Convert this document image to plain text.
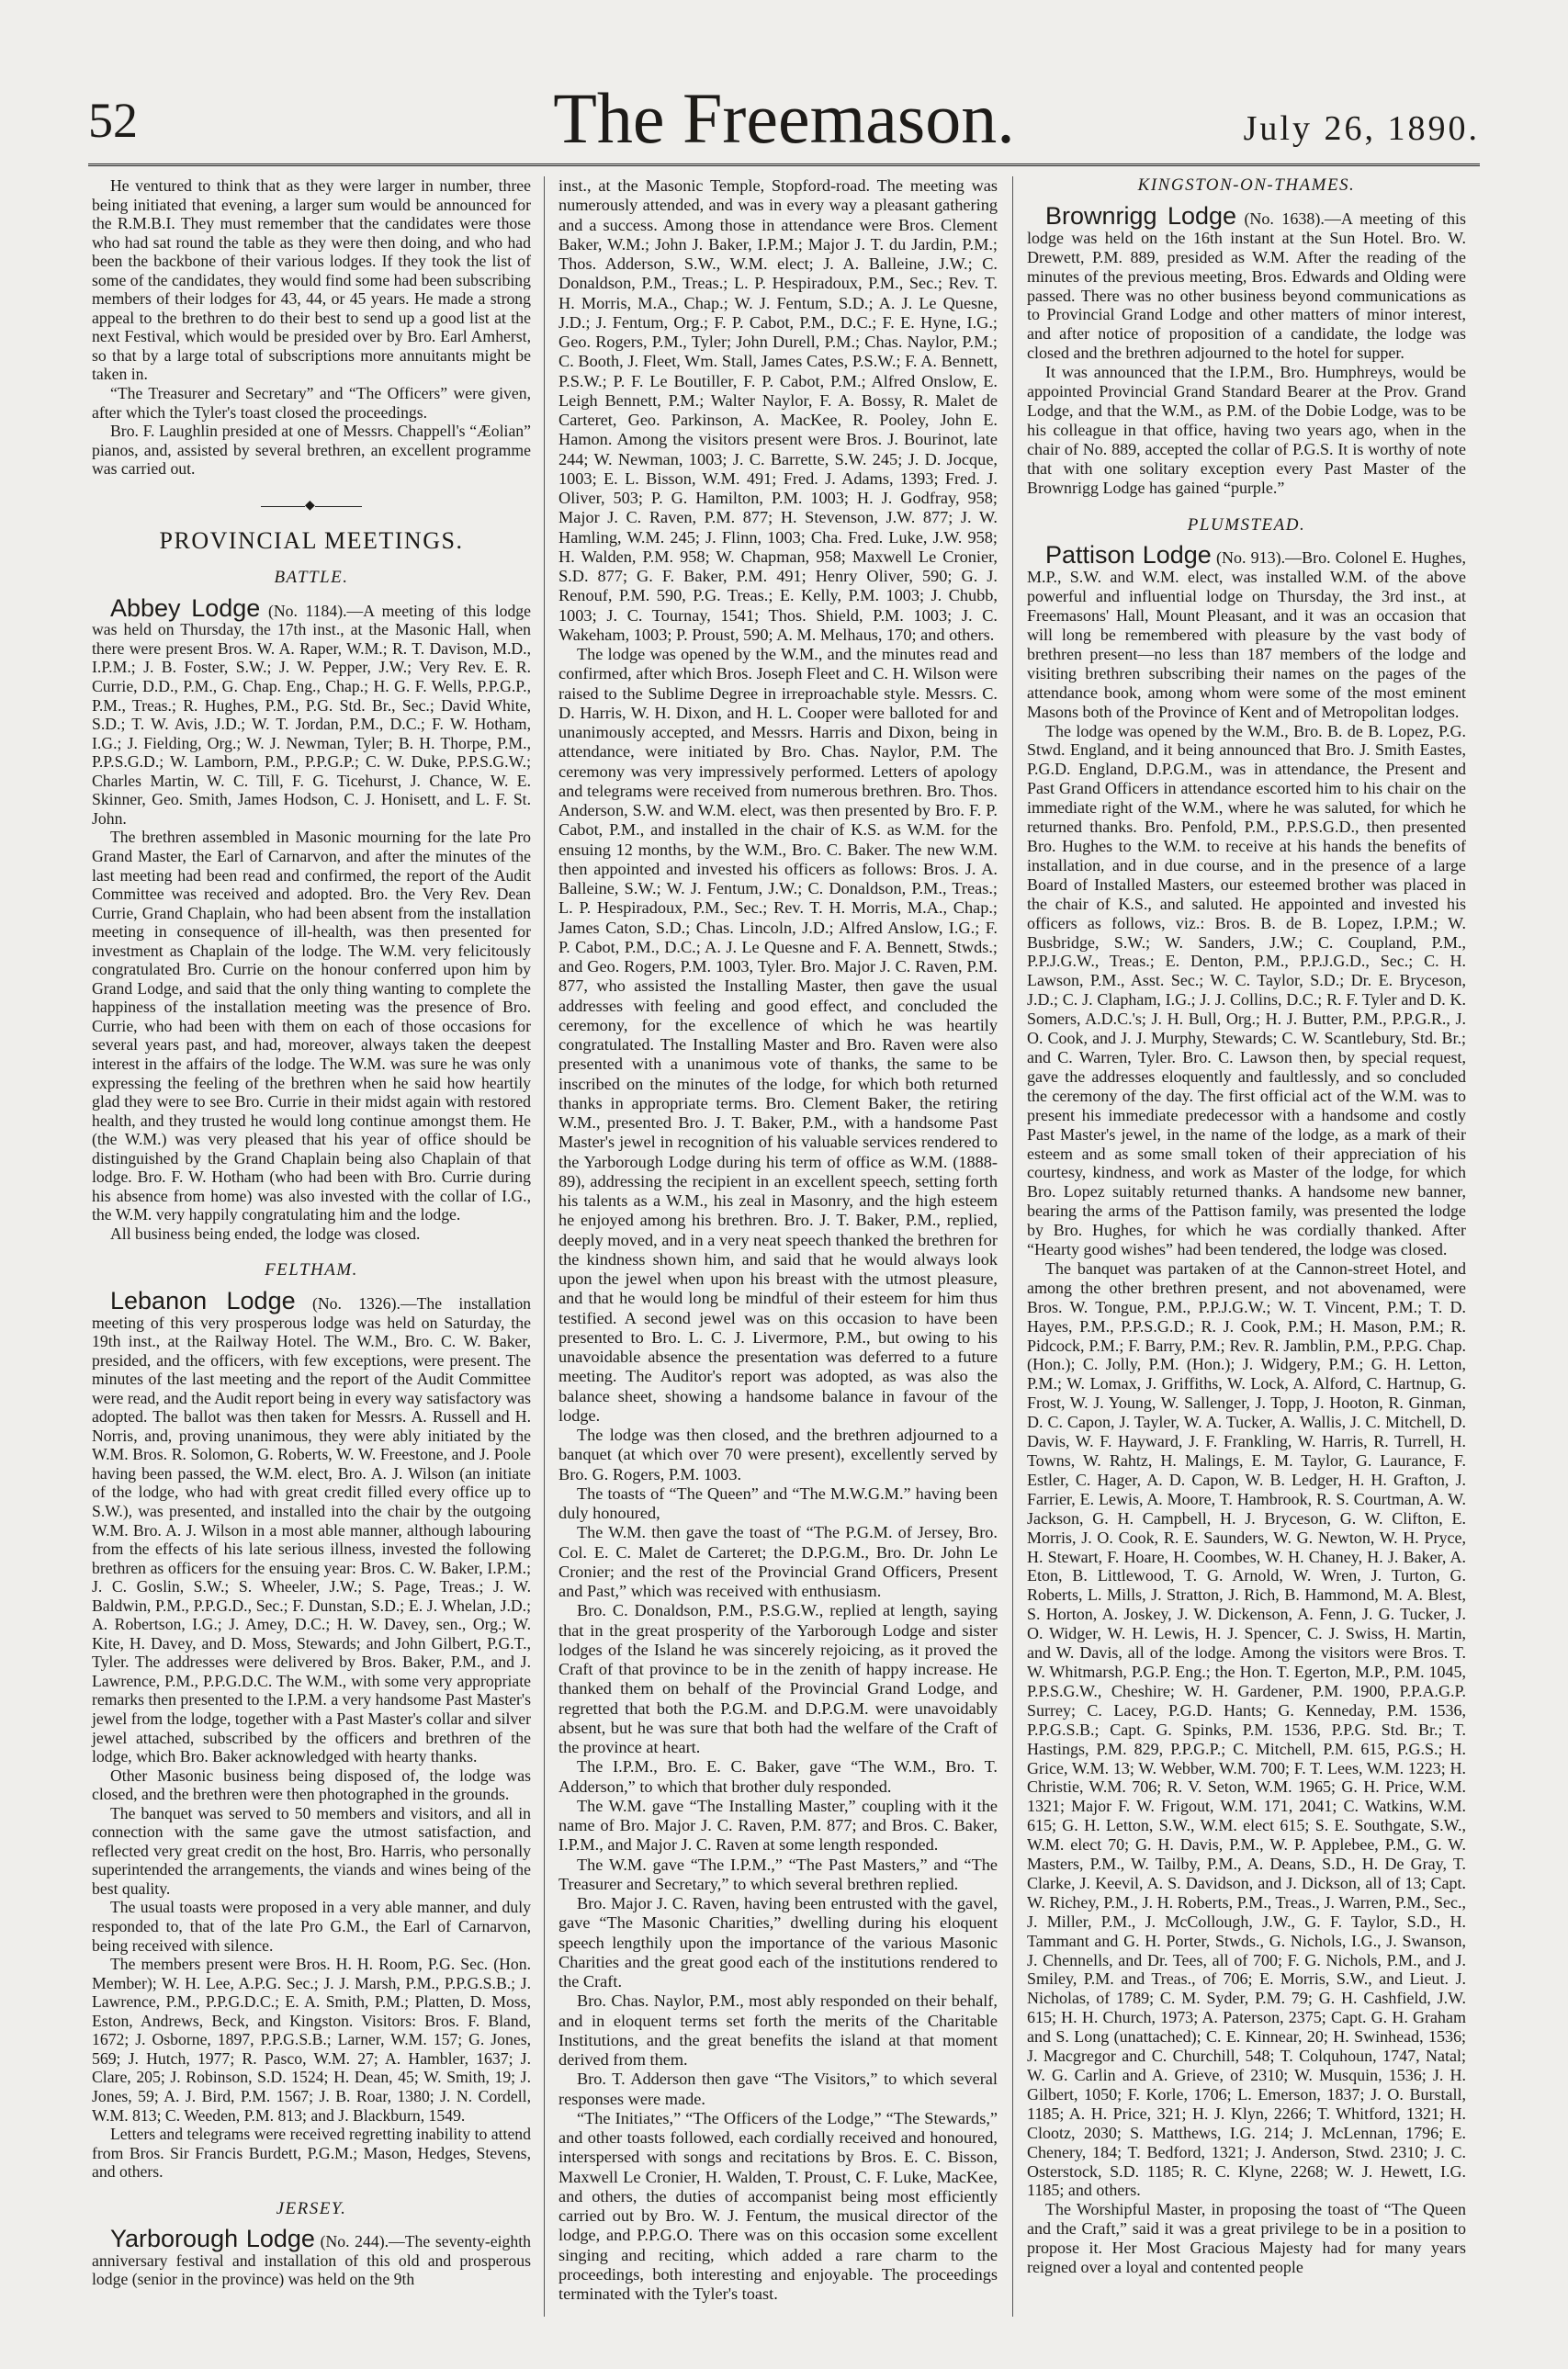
52	The Freemason.	July 26, 1890.

He ventured to think that as they were larger in number, three being initiated that evening, a larger sum would be announced for the R.M.B.I. They must remember that the candidates were those who had sat round the table as they were then doing, and who had been the backbone of their various lodges. If they took the list of some of the candidates, they would find some had been subscribing members of their lodges for 43, 44, or 45 years. He made a strong appeal to the brethren to do their best to send up a good list at the next Festival, which would be presided over by Bro. Earl Amherst, so that by a large total of subscriptions more annuitants might be taken in.

“The Treasurer and Secretary” and “The Officers” were given, after which the Tyler's toast closed the proceedings.

Bro. F. Laughlin presided at one of Messrs. Chappell's “Æolian” pianos, and, assisted by several brethren, an excellent programme was carried out.

◆
PROVINCIAL MEETINGS.
BATTLE.

Abbey Lodge (No. 1184).—A meeting of this lodge was held on Thursday, the 17th inst., at the Masonic Hall, when there were present Bros. W. A. Raper, W.M.; R. T. Davison, M.D., I.P.M.; J. B. Foster, S.W.; J. W. Pepper, J.W.; Very Rev. E. R. Currie, D.D., P.M., G. Chap. Eng., Chap.; H. G. F. Wells, P.P.G.P., P.M., Treas.; R. Hughes, P.M., P.G. Std. Br., Sec.; David White, S.D.; T. W. Avis, J.D.; W. T. Jordan, P.M., D.C.; F. W. Hotham, I.G.; J. Fielding, Org.; W. J. Newman, Tyler; B. H. Thorpe, P.M., P.P.S.G.D.; W. Lamborn, P.M., P.P.G.P.; C. W. Duke, P.P.S.G.W.; Charles Martin, W. C. Till, F. G. Ticehurst, J. Chance, W. E. Skinner, Geo. Smith, James Hodson, C. J. Honisett, and L. F. St. John.

The brethren assembled in Masonic mourning for the late Pro Grand Master, the Earl of Carnarvon, and after the minutes of the last meeting had been read and confirmed, the report of the Audit Committee was received and adopted. Bro. the Very Rev. Dean Currie, Grand Chaplain, who had been absent from the installation meeting in consequence of ill-health, was then presented for investment as Chaplain of the lodge. The W.M. very felicitously congratulated Bro. Currie on the honour conferred upon him by Grand Lodge, and said that the only thing wanting to complete the happiness of the installation meeting was the presence of Bro. Currie, who had been with them on each of those occasions for several years past, and had, moreover, always taken the deepest interest in the affairs of the lodge. The W.M. was sure he was only expressing the feeling of the brethren when he said how heartily glad they were to see Bro. Currie in their midst again with restored health, and they trusted he would long continue amongst them. He (the W.M.) was very pleased that his year of office should be distinguished by the Grand Chaplain being also Chaplain of that lodge. Bro. F. W. Hotham (who had been with Bro. Currie during his absence from home) was also invested with the collar of I.G., the W.M. very happily congratulating him and the lodge.

All business being ended, the lodge was closed.

FELTHAM.

Lebanon Lodge (No. 1326).—The installation meeting of this very prosperous lodge was held on Saturday, the 19th inst., at the Railway Hotel. The W.M., Bro. C. W. Baker, presided, and the officers, with few exceptions, were present. The minutes of the last meeting and the report of the Audit Committee were read, and the Audit report being in every way satisfactory was adopted. The ballot was then taken for Messrs. A. Russell and H. Norris, and, proving unanimous, they were ably initiated by the W.M. Bros. R. Solomon, G. Roberts, W. W. Freestone, and J. Poole having been passed, the W.M. elect, Bro. A. J. Wilson (an initiate of the lodge, who had with great credit filled every office up to S.W.), was presented, and installed into the chair by the outgoing W.M. Bro. A. J. Wilson in a most able manner, although labouring from the effects of his late serious illness, invested the following brethren as officers for the ensuing year: Bros. C. W. Baker, I.P.M.; J. C. Goslin, S.W.; S. Wheeler, J.W.; S. Page, Treas.; J. W. Baldwin, P.M., P.P.G.D., Sec.; F. Dunstan, S.D.; E. J. Whelan, J.D.; A. Robertson, I.G.; J. Amey, D.C.; H. W. Davey, sen., Org.; W. Kite, H. Davey, and D. Moss, Stewards; and John Gilbert, P.G.T., Tyler. The addresses were delivered by Bros. Baker, P.M., and J. Lawrence, P.M., P.P.G.D.C. The W.M., with some very appropriate remarks then presented to the I.P.M. a very handsome Past Master's jewel from the lodge, together with a Past Master's collar and silver jewel attached, subscribed by the officers and brethren of the lodge, which Bro. Baker acknowledged with hearty thanks.

Other Masonic business being disposed of, the lodge was closed, and the brethren were then photographed in the grounds.

The banquet was served to 50 members and visitors, and all in connection with the same gave the utmost satisfaction, and reflected very great credit on the host, Bro. Harris, who personally superintended the arrangements, the viands and wines being of the best quality.

The usual toasts were proposed in a very able manner, and duly responded to, that of the late Pro G.M., the Earl of Carnarvon, being received with silence.

The members present were Bros. H. H. Room, P.G. Sec. (Hon. Member); W. H. Lee, A.P.G. Sec.; J. J. Marsh, P.M., P.P.G.S.B.; J. Lawrence, P.M., P.P.G.D.C.; E. A. Smith, P.M.; Platten, D. Moss, Eston, Andrews, Beck, and Kingston. Visitors: Bros. F. Bland, 1672; J. Osborne, 1897, P.P.G.S.B.; Larner, W.M. 157; G. Jones, 569; J. Hutch, 1977; R. Pasco, W.M. 27; A. Hambler, 1637; J. Clare, 205; J. Robinson, S.D. 1524; H. Dean, 45; W. Smith, 19; J. Jones, 59; A. J. Bird, P.M. 1567; J. B. Roar, 1380; J. N. Cordell, W.M. 813; C. Weeden, P.M. 813; and J. Blackburn, 1549.

Letters and telegrams were received regretting inability to attend from Bros. Sir Francis Burdett, P.G.M.; Mason, Hedges, Stevens, and others.

JERSEY.

Yarborough Lodge (No. 244).—The seventy-eighth anniversary festival and installation of this old and prosperous lodge (senior in the province) was held on the 9th

inst., at the Masonic Temple, Stopford-road. The meeting was numerously attended, and was in every way a pleasant gathering and a success. Among those in attendance were Bros. Clement Baker, W.M.; John J. Baker, I.P.M.; Major J. T. du Jardin, P.M.; Thos. Adderson, S.W., W.M. elect; J. A. Balleine, J.W.; C. Donaldson, P.M., Treas.; L. P. Hespiradoux, P.M., Sec.; Rev. T. H. Morris, M.A., Chap.; W. J. Fentum, S.D.; A. J. Le Quesne, J.D.; J. Fentum, Org.; F. P. Cabot, P.M., D.C.; F. E. Hyne, I.G.; Geo. Rogers, P.M., Tyler; John Durell, P.M.; Chas. Naylor, P.M.; C. Booth, J. Fleet, Wm. Stall, James Cates, P.S.W.; F. A. Bennett, P.S.W.; P. F. Le Boutiller, F. P. Cabot, P.M.; Alfred Onslow, E. Leigh Bennett, P.M.; Walter Naylor, F. A. Bossy, R. Malet de Carteret, Geo. Parkinson, A. MacKee, R. Pooley, John E. Hamon. Among the visitors present were Bros. J. Bourinot, late 244; W. Newman, 1003; J. C. Barrette, S.W. 245; J. D. Jocque, 1003; E. L. Bisson, W.M. 491; Fred. J. Adams, 1393; Fred. J. Oliver, 503; P. G. Hamilton, P.M. 1003; H. J. Godfray, 958; Major J. C. Raven, P.M. 877; H. Stevenson, J.W. 877; J. W. Hamling, W.M. 245; J. Flinn, 1003; Cha. Fred. Luke, J.W. 958; H. Walden, P.M. 958; W. Chapman, 958; Maxwell Le Cronier, S.D. 877; G. F. Baker, P.M. 491; Henry Oliver, 590; G. J. Renouf, P.M. 590, P.G. Treas.; E. Kelly, P.M. 1003; J. Chubb, 1003; J. C. Tournay, 1541; Thos. Shield, P.M. 1003; J. C. Wakeham, 1003; P. Proust, 590; A. M. Melhaus, 170; and others.

The lodge was opened by the W.M., and the minutes read and confirmed, after which Bros. Joseph Fleet and C. H. Wilson were raised to the Sublime Degree in irreproachable style. Messrs. C. D. Harris, W. H. Dixon, and H. L. Cooper were balloted for and unanimously accepted, and Messrs. Harris and Dixon, being in attendance, were initiated by Bro. Chas. Naylor, P.M. The ceremony was very impressively performed. Letters of apology and telegrams were received from numerous brethren. Bro. Thos. Anderson, S.W. and W.M. elect, was then presented by Bro. F. P. Cabot, P.M., and installed in the chair of K.S. as W.M. for the ensuing 12 months, by the W.M., Bro. C. Baker. The new W.M. then appointed and invested his officers as follows: Bros. J. A. Balleine, S.W.; W. J. Fentum, J.W.; C. Donaldson, P.M., Treas.; L. P. Hespiradoux, P.M., Sec.; Rev. T. H. Morris, M.A., Chap.; James Caton, S.D.; Chas. Lincoln, J.D.; Alfred Anslow, I.G.; F. P. Cabot, P.M., D.C.; A. J. Le Quesne and F. A. Bennett, Stwds.; and Geo. Rogers, P.M. 1003, Tyler. Bro. Major J. C. Raven, P.M. 877, who assisted the Installing Master, then gave the usual addresses with feeling and good effect, and concluded the ceremony, for the excellence of which he was heartily congratulated. The Installing Master and Bro. Raven were also presented with a unanimous vote of thanks, the same to be inscribed on the minutes of the lodge, for which both returned thanks in appropriate terms. Bro. Clement Baker, the retiring W.M., presented Bro. J. T. Baker, P.M., with a handsome Past Master's jewel in recognition of his valuable services rendered to the Yarborough Lodge during his term of office as W.M. (1888-89), addressing the recipient in an excellent speech, setting forth his talents as a W.M., his zeal in Masonry, and the high esteem he enjoyed among his brethren. Bro. J. T. Baker, P.M., replied, deeply moved, and in a very neat speech thanked the brethren for the kindness shown him, and said that he would always look upon the jewel when upon his breast with the utmost pleasure, and that he would long be mindful of their esteem for him thus testified. A second jewel was on this occasion to have been presented to Bro. L. C. J. Livermore, P.M., but owing to his unavoidable absence the presentation was deferred to a future meeting. The Auditor's report was adopted, as was also the balance sheet, showing a handsome balance in favour of the lodge.

The lodge was then closed, and the brethren adjourned to a banquet (at which over 70 were present), excellently served by Bro. G. Rogers, P.M. 1003.

The toasts of “The Queen” and “The M.W.G.M.” having been duly honoured,

The W.M. then gave the toast of “The P.G.M. of Jersey, Bro. Col. E. C. Malet de Carteret; the D.P.G.M., Bro. Dr. John Le Cronier; and the rest of the Provincial Grand Officers, Present and Past,” which was received with enthusiasm.

Bro. C. Donaldson, P.M., P.S.G.W., replied at length, saying that in the great prosperity of the Yarborough Lodge and sister lodges of the Island he was sincerely rejoicing, as it proved the Craft of that province to be in the zenith of happy increase. He thanked them on behalf of the Provincial Grand Lodge, and regretted that both the P.G.M. and D.P.G.M. were unavoidably absent, but he was sure that both had the welfare of the Craft of the province at heart.

The I.P.M., Bro. E. C. Baker, gave “The W.M., Bro. T. Adderson,” to which that brother duly responded.

The W.M. gave “The Installing Master,” coupling with it the name of Bro. Major J. C. Raven, P.M. 877; and Bros. C. Baker, I.P.M., and Major J. C. Raven at some length responded.

The W.M. gave “The I.P.M.,” “The Past Masters,” and “The Treasurer and Secretary,” to which several brethren replied.

Bro. Major J. C. Raven, having been entrusted with the gavel, gave “The Masonic Charities,” dwelling during his eloquent speech lengthily upon the importance of the various Masonic Charities and the great good each of the institutions rendered to the Craft.

Bro. Chas. Naylor, P.M., most ably responded on their behalf, and in eloquent terms set forth the merits of the Charitable Institutions, and the great benefits the island at that moment derived from them.

Bro. T. Adderson then gave “The Visitors,” to which several responses were made.

“The Initiates,” “The Officers of the Lodge,” “The Stewards,” and other toasts followed, each cordially received and honoured, interspersed with songs and recitations by Bros. E. C. Bisson, Maxwell Le Cronier, H. Walden, T. Proust, C. F. Luke, MacKee, and others, the duties of accompanist being most efficiently carried out by Bro. W. J. Fentum, the musical director of the lodge, and P.P.G.O. There was on this occasion some excellent singing and reciting, which added a rare charm to the proceedings, both interesting and enjoyable. The proceedings terminated with the Tyler's toast.

KINGSTON-ON-THAMES.

Brownrigg Lodge (No. 1638).—A meeting of this lodge was held on the 16th instant at the Sun Hotel. Bro. W. Drewett, P.M. 889, presided as W.M. After the reading of the minutes of the previous meeting, Bros. Edwards and Olding were passed. There was no other business beyond communications as to Provincial Grand Lodge and other matters of minor interest, and after notice of proposition of a candidate, the lodge was closed and the brethren adjourned to the hotel for supper.

It was announced that the I.P.M., Bro. Humphreys, would be appointed Provincial Grand Standard Bearer at the Prov. Grand Lodge, and that the W.M., as P.M. of the Dobie Lodge, was to be his colleague in that office, having two years ago, when in the chair of No. 889, accepted the collar of P.G.S. It is worthy of note that with one solitary exception every Past Master of the Brownrigg Lodge has gained “purple.”

PLUMSTEAD.

Pattison Lodge (No. 913).—Bro. Colonel E. Hughes, M.P., S.W. and W.M. elect, was installed W.M. of the above powerful and influential lodge on Thursday, the 3rd inst., at Freemasons' Hall, Mount Pleasant, and it was an occasion that will long be remembered with pleasure by the vast body of brethren present—no less than 187 members of the lodge and visiting brethren subscribing their names on the pages of the attendance book, among whom were some of the most eminent Masons both of the Province of Kent and of Metropolitan lodges.

The lodge was opened by the W.M., Bro. B. de B. Lopez, P.G. Stwd. England, and it being announced that Bro. J. Smith Eastes, P.G.D. England, D.P.G.M., was in attendance, the Present and Past Grand Officers in attendance escorted him to his chair on the immediate right of the W.M., where he was saluted, for which he returned thanks. Bro. Penfold, P.M., P.P.S.G.D., then presented Bro. Hughes to the W.M. to receive at his hands the benefits of installation, and in due course, and in the presence of a large Board of Installed Masters, our esteemed brother was placed in the chair of K.S., and saluted. He appointed and invested his officers as follows, viz.: Bros. B. de B. Lopez, I.P.M.; W. Busbridge, S.W.; W. Sanders, J.W.; C. Coupland, P.M., P.P.J.G.W., Treas.; E. Denton, P.M., P.P.J.G.D., Sec.; C. H. Lawson, P.M., Asst. Sec.; W. C. Taylor, S.D.; Dr. E. Bryceson, J.D.; C. J. Clapham, I.G.; J. J. Collins, D.C.; R. F. Tyler and D. K. Somers, A.D.C.'s; J. H. Bull, Org.; H. J. Butter, P.M., P.P.G.R., J. O. Cook, and J. J. Murphy, Stewards; C. W. Scantlebury, Std. Br.; and C. Warren, Tyler. Bro. C. Lawson then, by special request, gave the addresses eloquently and faultlessly, and so concluded the ceremony of the day. The first official act of the W.M. was to present his immediate predecessor with a handsome and costly Past Master's jewel, in the name of the lodge, as a mark of their esteem and as some small token of their appreciation of his courtesy, kindness, and work as Master of the lodge, for which Bro. Lopez suitably returned thanks. A handsome new banner, bearing the arms of the Pattison family, was presented the lodge by Bro. Hughes, for which he was cordially thanked. After “Hearty good wishes” had been tendered, the lodge was closed.

The banquet was partaken of at the Cannon-street Hotel, and among the other brethren present, and not abovenamed, were Bros. W. Tongue, P.M., P.P.J.G.W.; W. T. Vincent, P.M.; T. D. Hayes, P.M., P.P.S.G.D.; R. J. Cook, P.M.; H. Mason, P.M.; R. Pidcock, P.M.; F. Barry, P.M.; Rev. R. Jamblin, P.M., P.P.G. Chap. (Hon.); C. Jolly, P.M. (Hon.); J. Widgery, P.M.; G. H. Letton, P.M.; W. Lomax, J. Griffiths, W. Lock, A. Alford, C. Hartnup, G. Frost, W. J. Young, W. Sallenger, J. Topp, J. Hooton, R. Ginman, D. C. Capon, J. Tayler, W. A. Tucker, A. Wallis, J. C. Mitchell, D. Davis, W. F. Hayward, J. F. Frankling, W. Harris, R. Turrell, H. Towns, W. Rahtz, H. Malings, E. M. Taylor, G. Laurance, F. Estler, C. Hager, A. D. Capon, W. B. Ledger, H. H. Grafton, J. Farrier, E. Lewis, A. Moore, T. Hambrook, R. S. Courtman, A. W. Jackson, G. H. Campbell, H. J. Bryceson, G. W. Clifton, E. Morris, J. O. Cook, R. E. Saunders, W. G. Newton, W. H. Pryce, H. Stewart, F. Hoare, H. Coombes, W. H. Chaney, H. J. Baker, A. Eton, B. Littlewood, T. G. Arnold, W. Wren, J. Turton, G. Roberts, L. Mills, J. Stratton, J. Rich, B. Hammond, M. A. Blest, S. Horton, A. Joskey, J. W. Dickenson, A. Fenn, J. G. Tucker, J. O. Widger, W. H. Lewis, H. J. Spencer, C. J. Swiss, H. Martin, and W. Davis, all of the lodge. Among the visitors were Bros. T. W. Whitmarsh, P.G.P. Eng.; the Hon. T. Egerton, M.P., P.M. 1045, P.P.S.G.W., Cheshire; W. H. Gardener, P.M. 1900, P.P.A.G.P. Surrey; C. Lacey, P.G.D. Hants; G. Kenneday, P.M. 1536, P.P.G.S.B.; Capt. G. Spinks, P.M. 1536, P.P.G. Std. Br.; T. Hastings, P.M. 829, P.P.G.P.; C. Mitchell, P.M. 615, P.G.S.; H. Grice, W.M. 13; W. Webber, W.M. 700; F. T. Lees, W.M. 1223; H. Christie, W.M. 706; R. V. Seton, W.M. 1965; G. H. Price, W.M. 1321; Major F. W. Frigout, W.M. 171, 2041; C. Watkins, W.M. 615; G. H. Letton, S.W., W.M. elect 615; S. E. Southgate, S.W., W.M. elect 70; G. H. Davis, P.M., W. P. Applebee, P.M., G. W. Masters, P.M., W. Tailby, P.M., A. Deans, S.D., H. De Gray, T. Clarke, J. Keevil, A. S. Davidson, and J. Dickson, all of 13; Capt. W. Richey, P.M., J. H. Roberts, P.M., Treas., J. Warren, P.M., Sec., J. Miller, P.M., J. McCollough, J.W., G. F. Taylor, S.D., H. Tammant and G. H. Porter, Stwds., G. Nichols, I.G., J. Swanson, J. Chennells, and Dr. Tees, all of 700; F. G. Nichols, P.M., and J. Smiley, P.M. and Treas., of 706; E. Morris, S.W., and Lieut. J. Nicholas, of 1789; C. M. Syder, P.M. 79; G. H. Cashfield, J.W. 615; H. H. Church, 1973; A. Paterson, 2375; Capt. G. H. Graham and S. Long (unattached); C. E. Kinnear, 20; H. Swinhead, 1536; J. Macgregor and C. Churchill, 548; T. Colquhoun, 1747, Natal; W. G. Carlin and A. Grieve, of 2310; W. Musquin, 1536; J. H. Gilbert, 1050; F. Korle, 1706; L. Emerson, 1837; J. O. Burstall, 1185; A. H. Price, 321; H. J. Klyn, 2266; T. Whitford, 1321; H. Clootz, 2030; S. Matthews, I.G. 214; J. McLennan, 1796; E. Chenery, 184; T. Bedford, 1321; J. Anderson, Stwd. 2310; J. C. Osterstock, S.D. 1185; R. C. Klyne, 2268; W. J. Hewett, I.G. 1185; and others.

The Worshipful Master, in proposing the toast of “The Queen and the Craft,” said it was a great privilege to be in a position to propose it. Her Most Gracious Majesty had for many years reigned over a loyal and contented people
